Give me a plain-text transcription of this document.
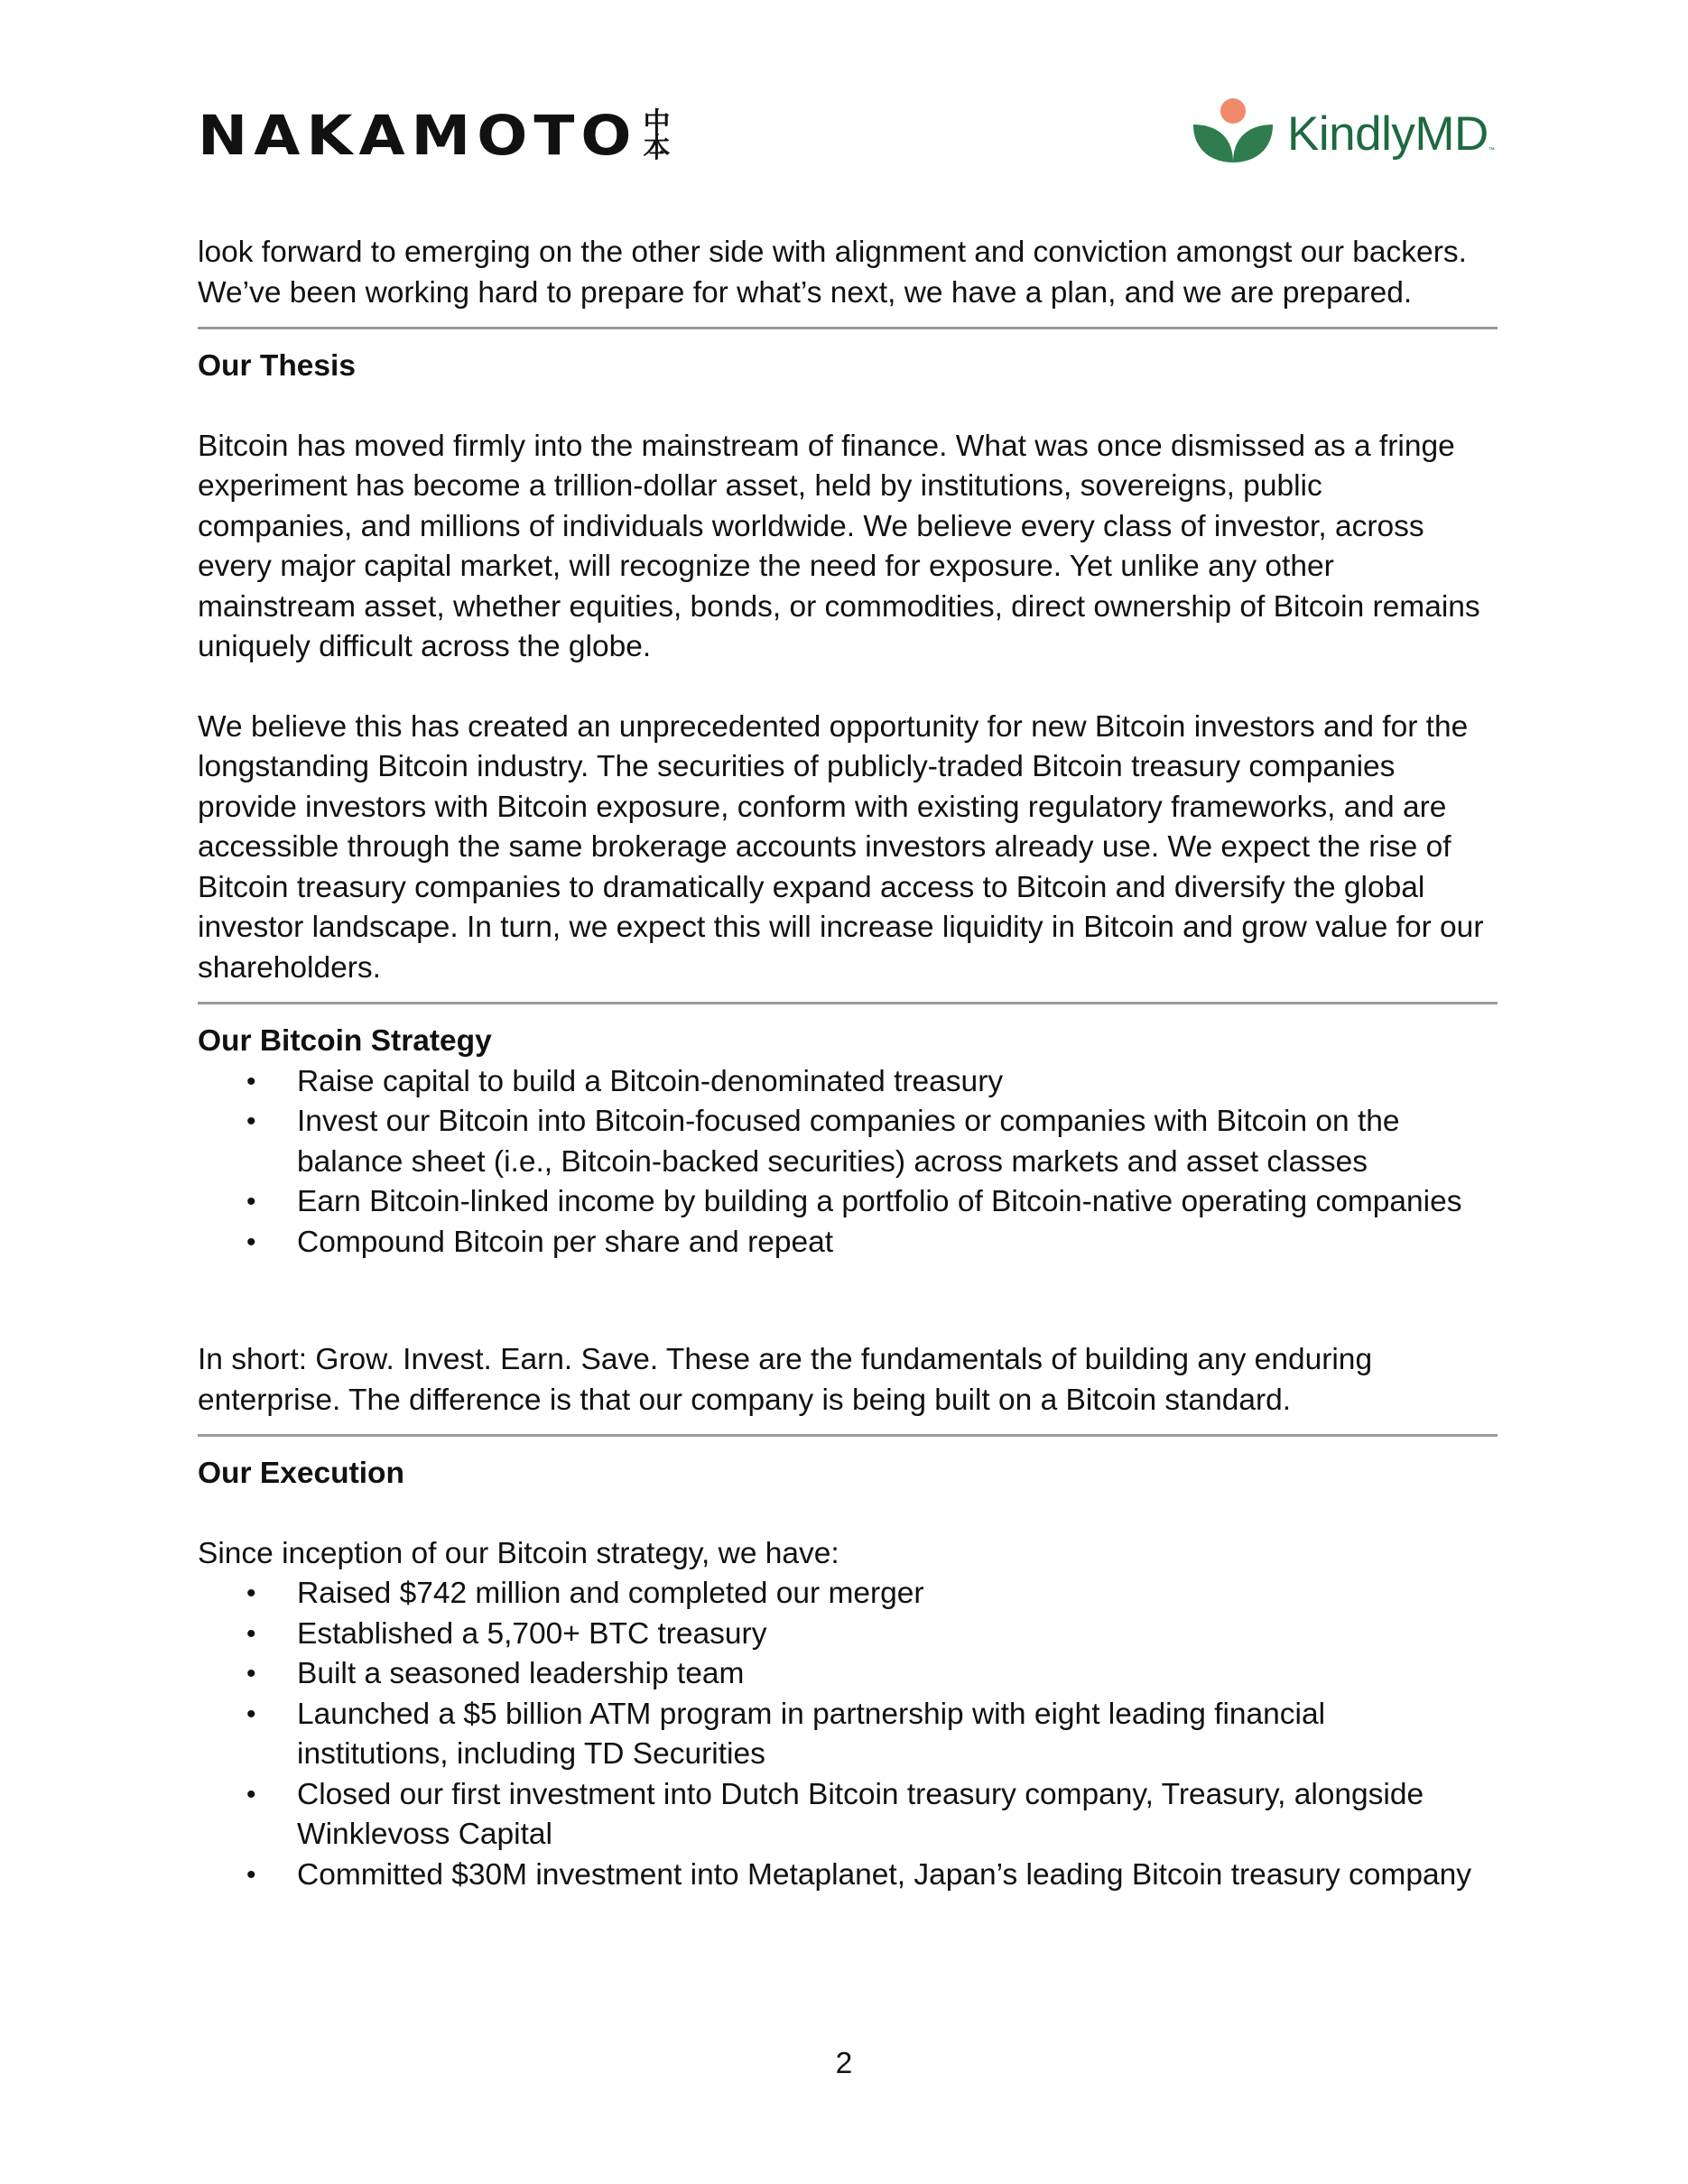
NAKAMOTO 中
本	KindlyMD ™

look forward to emerging on the other side with alignment and conviction amongst our backers.

We’ve been working hard to prepare for what’s next, we have a plan, and we are prepared.

Our Thesis

Bitcoin has moved firmly into the mainstream of finance. What was once dismissed as a fringe

experiment has become a trillion-dollar asset, held by institutions, sovereigns, public

companies, and millions of individuals worldwide. We believe every class of investor, across

every major capital market, will recognize the need for exposure. Yet unlike any other

mainstream asset, whether equities, bonds, or commodities, direct ownership of Bitcoin remains

uniquely difficult across the globe.

We believe this has created an unprecedented opportunity for new Bitcoin investors and for the

longstanding Bitcoin industry. The securities of publicly-traded Bitcoin treasury companies

provide investors with Bitcoin exposure, conform with existing regulatory frameworks, and are

accessible through the same brokerage accounts investors already use. We expect the rise of

Bitcoin treasury companies to dramatically expand access to Bitcoin and diversify the global

investor landscape. In turn, we expect this will increase liquidity in Bitcoin and grow value for our

shareholders.

Our Bitcoin Strategy

• Raise capital to build a Bitcoin-denominated treasury
• Invest our Bitcoin into Bitcoin-focused companies or companies with Bitcoin on the
balance sheet (i.e., Bitcoin-backed securities) across markets and asset classes
• Earn Bitcoin-linked income by building a portfolio of Bitcoin-native operating companies
• Compound Bitcoin per share and repeat

In short: Grow. Invest. Earn. Save. These are the fundamentals of building any enduring

enterprise. The difference is that our company is being built on a Bitcoin standard.

Our Execution

Since inception of our Bitcoin strategy, we have:

• Raised $742 million and completed our merger
• Established a 5,700+ BTC treasury
• Built a seasoned leadership team
• Launched a $5 billion ATM program in partnership with eight leading financial
institutions, including TD Securities
• Closed our first investment into Dutch Bitcoin treasury company, Treasury, alongside
Winklevoss Capital
• Committed $30M investment into Metaplanet, Japan’s leading Bitcoin treasury company
2
